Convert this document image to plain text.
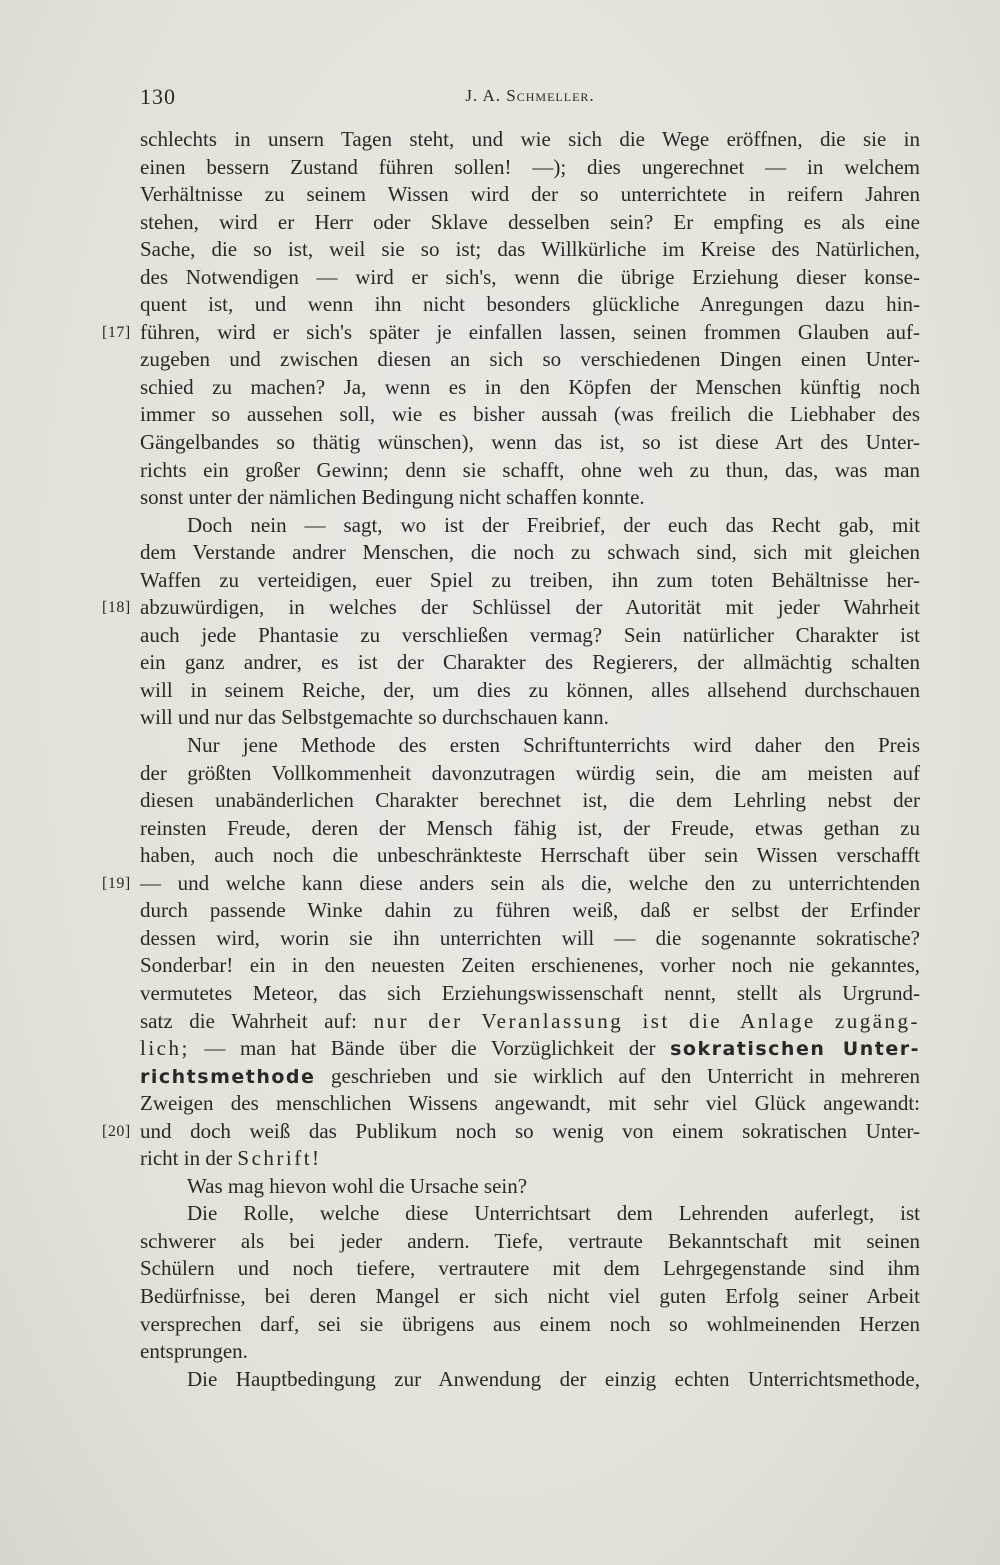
130	J. A. Schmeller.
schlechts in unsern Tagen steht, und wie sich die Wege eröffnen, die sie in
einen bessern Zustand führen sollen! —); dies ungerechnet — in welchem
Verhältnisse zu seinem Wissen wird der so unterrichtete in reifern Jahren
stehen, wird er Herr oder Sklave desselben sein? Er empfing es als eine
Sache, die so ist, weil sie so ist; das Willkürliche im Kreise des Natürlichen,
des Notwendigen — wird er sich's, wenn die übrige Erziehung dieser konse-
quent ist, und wenn ihn nicht besonders glückliche Anregungen dazu hin-
[17] führen, wird er sich's später je einfallen lassen, seinen frommen Glauben auf-
zugeben und zwischen diesen an sich so verschiedenen Dingen einen Unter-
schied zu machen? Ja, wenn es in den Köpfen der Menschen künftig noch
immer so aussehen soll, wie es bisher aussah (was freilich die Liebhaber des
Gängelbandes so thätig wünschen), wenn das ist, so ist diese Art des Unter-
richts ein großer Gewinn; denn sie schafft, ohne weh zu thun, das, was man
sonst unter der nämlichen Bedingung nicht schaffen konnte.
Doch nein — sagt, wo ist der Freibrief, der euch das Recht gab, mit
dem Verstande andrer Menschen, die noch zu schwach sind, sich mit gleichen
Waffen zu verteidigen, euer Spiel zu treiben, ihn zum toten Behältnisse her-
[18] abzuwürdigen, in welches der Schlüssel der Autorität mit jeder Wahrheit
auch jede Phantasie zu verschließen vermag? Sein natürlicher Charakter ist
ein ganz andrer, es ist der Charakter des Regierers, der allmächtig schalten
will in seinem Reiche, der, um dies zu können, alles allsehend durchschauen
will und nur das Selbstgemachte so durchschauen kann.
Nur jene Methode des ersten Schriftunterrichts wird daher den Preis
der größten Vollkommenheit davonzutragen würdig sein, die am meisten auf
diesen unabänderlichen Charakter berechnet ist, die dem Lehrling nebst der
reinsten Freude, deren der Mensch fähig ist, der Freude, etwas gethan zu
haben, auch noch die unbeschränkteste Herrschaft über sein Wissen verschafft
[19] — und welche kann diese anders sein als die, welche den zu unterrichtenden
durch passende Winke dahin zu führen weiß, daß er selbst der Erfinder
dessen wird, worin sie ihn unterrichten will — die sogenannte sokratische?
Sonderbar! ein in den neuesten Zeiten erschienenes, vorher noch nie gekanntes,
vermutetes Meteor, das sich Erziehungswissenschaft nennt, stellt als Urgrund-
satz die Wahrheit auf: nur der Veranlassung ist die Anlage zugäng-
lich; — man hat Bände über die Vorzüglichkeit der sokratischen Unter-
richtsmethode geschrieben und sie wirklich auf den Unterricht in mehreren
Zweigen des menschlichen Wissens angewandt, mit sehr viel Glück angewandt:
[20] und doch weiß das Publikum noch so wenig von einem sokratischen Unter-
richt in der Schrift!
Was mag hievon wohl die Ursache sein?
Die Rolle, welche diese Unterrichtsart dem Lehrenden auferlegt, ist
schwerer als bei jeder andern. Tiefe, vertraute Bekanntschaft mit seinen
Schülern und noch tiefere, vertrautere mit dem Lehrgegenstande sind ihm
Bedürfnisse, bei deren Mangel er sich nicht viel guten Erfolg seiner Arbeit
versprechen darf, sei sie übrigens aus einem noch so wohlmeinenden Herzen
entsprungen.
Die Hauptbedingung zur Anwendung der einzig echten Unterrichtsmethode,
